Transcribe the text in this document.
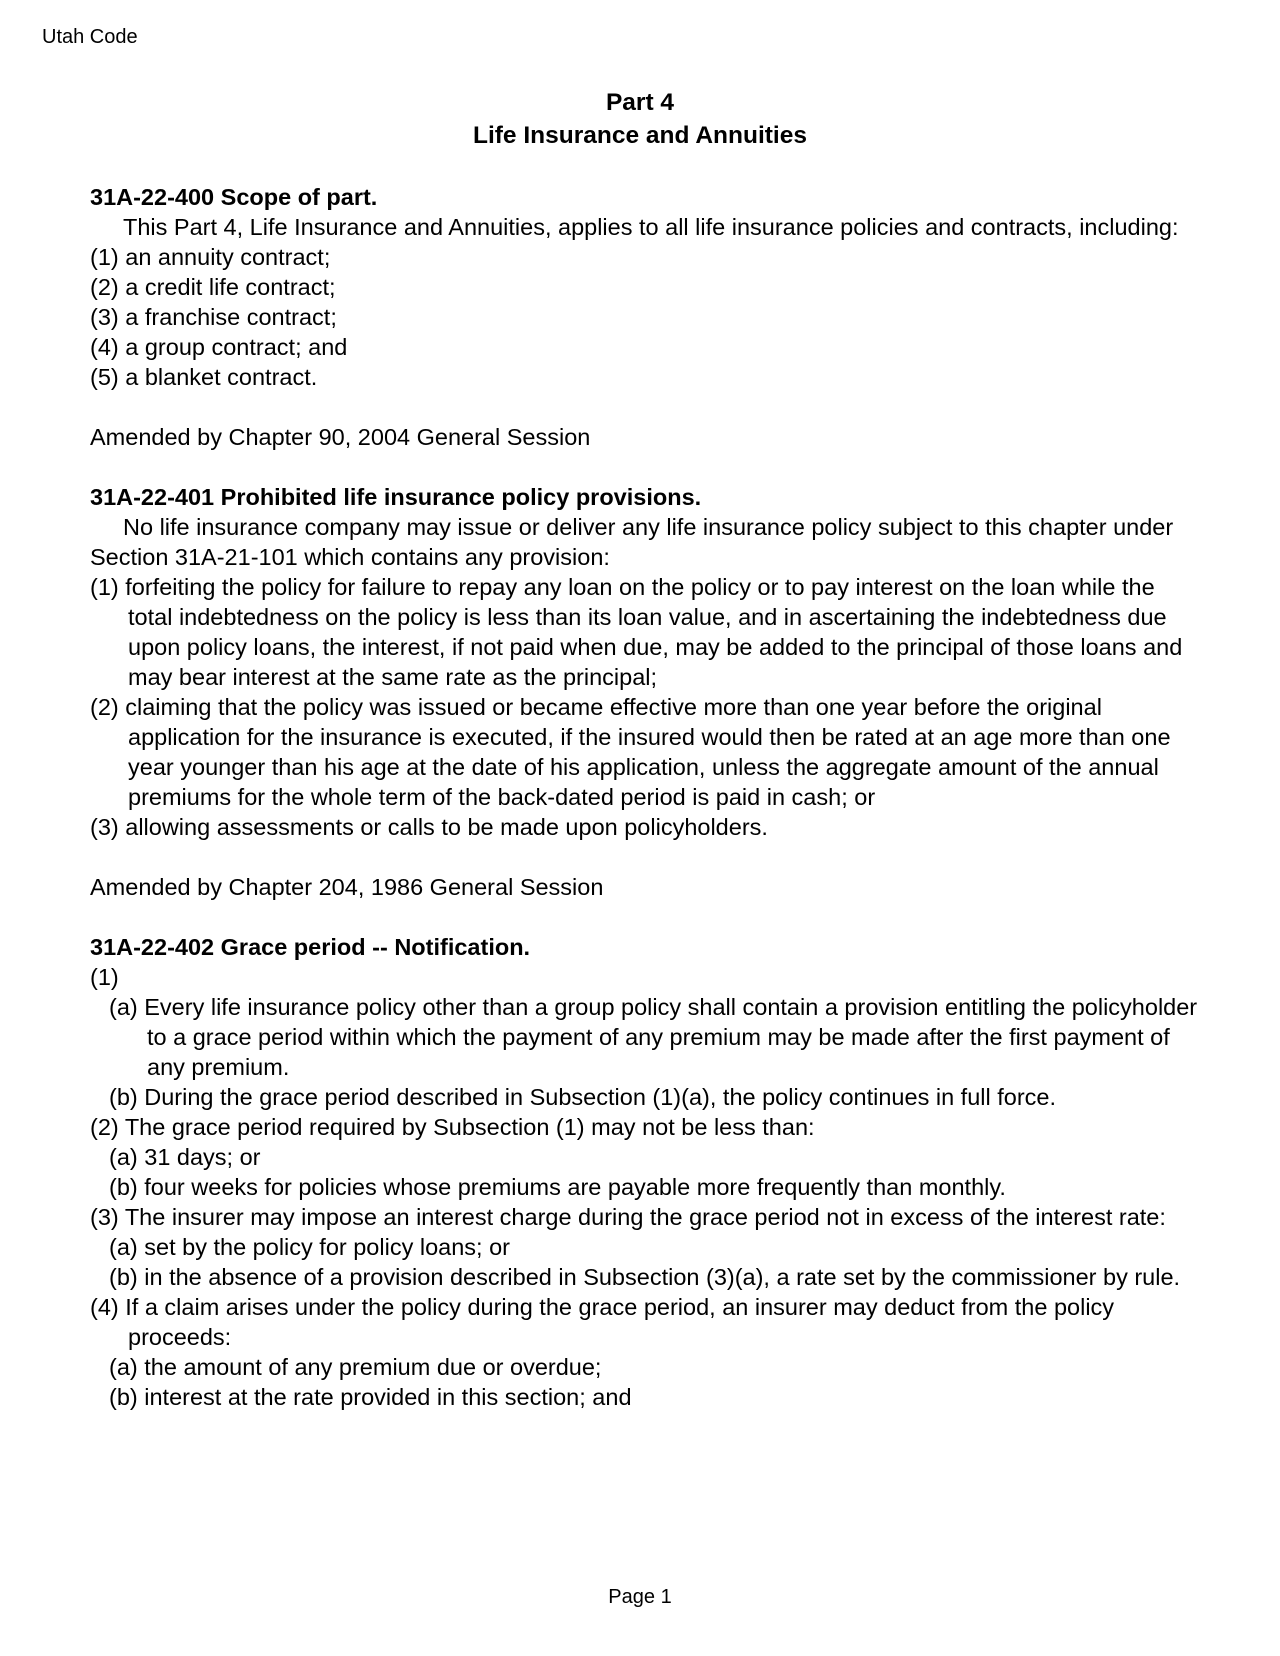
Utah Code
Part 4
Life Insurance and Annuities

31A-22-400 Scope of part.

This Part 4, Life Insurance and Annuities, applies to all life insurance policies and contracts, including:

(1) an annuity contract;

(2) a credit life contract;

(3) a franchise contract;

(4) a group contract; and

(5) a blanket contract.

Amended by Chapter 90, 2004 General Session

31A-22-401 Prohibited life insurance policy provisions.

No life insurance company may issue or deliver any life insurance policy subject to this chapter under Section 31A-21-101 which contains any provision:

(1) forfeiting the policy for failure to repay any loan on the policy or to pay interest on the loan while the total indebtedness on the policy is less than its loan value, and in ascertaining the indebtedness due upon policy loans, the interest, if not paid when due, may be added to the principal of those loans and may bear interest at the same rate as the principal;

(2) claiming that the policy was issued or became effective more than one year before the original application for the insurance is executed, if the insured would then be rated at an age more than one year younger than his age at the date of his application, unless the aggregate amount of the annual premiums for the whole term of the back-dated period is paid in cash; or

(3) allowing assessments or calls to be made upon policyholders.

Amended by Chapter 204, 1986 General Session

31A-22-402 Grace period -- Notification.

(1)

(a) Every life insurance policy other than a group policy shall contain a provision entitling the policyholder to a grace period within which the payment of any premium may be made after the first payment of any premium.

(b) During the grace period described in Subsection (1)(a), the policy continues in full force.

(2) The grace period required by Subsection (1) may not be less than:

(a) 31 days; or

(b) four weeks for policies whose premiums are payable more frequently than monthly.

(3) The insurer may impose an interest charge during the grace period not in excess of the interest rate:

(a) set by the policy for policy loans; or

(b) in the absence of a provision described in Subsection (3)(a), a rate set by the commissioner by rule.

(4) If a claim arises under the policy during the grace period, an insurer may deduct from the policy proceeds:

(a) the amount of any premium due or overdue;

(b) interest at the rate provided in this section; and

Page 1
